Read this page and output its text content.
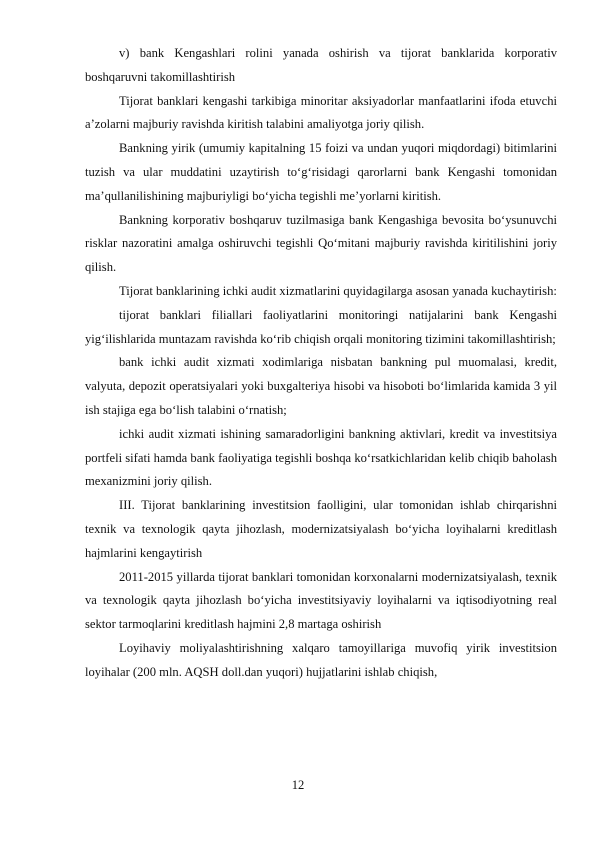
v) bank Kengashlari rolini yanada oshirish va tijorat banklarida korporativ boshqaruvni takomillashtirish

Tijorat banklari kengashi tarkibiga minoritar aksiyadorlar manfaatlarini ifoda etuvchi a’zolarni majburiy ravishda kiritish talabini amaliyotga joriy qilish.

Bankning yirik (umumiy kapitalning 15 foizi va undan yuqori miqdordagi) bitimlarini tuzish va ular muddatini uzaytirish to‘g‘risidagi qarorlarni bank Kengashi tomonidan ma’qullanilishining majburiyligi bo‘yicha tegishli me’yorlarni kiritish.

Bankning korporativ boshqaruv tuzilmasiga bank Kengashiga bevosita bo‘ysunuvchi risklar nazoratini amalga oshiruvchi tegishli Qo‘mitani majburiy ravishda kiritilishini joriy qilish.

Tijorat banklarining ichki audit xizmatlarini quyidagilarga asosan yanada kuchaytirish:

tijorat banklari filiallari faoliyatlarini monitoringi natijalarini bank Kengashi yig‘ilishlarida muntazam ravishda ko‘rib chiqish orqali monitoring tizimini takomillashtirish;

bank ichki audit xizmati xodimlariga nisbatan bankning pul muomalasi, kredit, valyuta, depozit operatsiyalari yoki buxgalteriya hisobi va hisoboti bo‘limlarida kamida 3 yil ish stajiga ega bo‘lish talabini o‘rnatish;

ichki audit xizmati ishining samaradorligini bankning aktivlari, kredit va investitsiya portfeli sifati hamda bank faoliyatiga tegishli boshqa ko‘rsatkichlaridan kelib chiqib baholash mexanizmini joriy qilish.

III. Tijorat banklarining investitsion faolligini, ular tomonidan ishlab chirqarishni texnik va texnologik qayta jihozlash, modernizatsiyalash bo‘yicha loyihalarni kreditlash hajmlarini kengaytirish

2011-2015 yillarda tijorat banklari tomonidan korxonalarni modernizatsiyalash, texnik va texnologik qayta jihozlash bo‘yicha investitsiyaviy loyihalarni va iqtisodiyotning real sektor tarmoqlarini kreditlash hajmini 2,8 martaga oshirish

Loyihaviy moliyalashtirishning xalqaro tamoyillariga muvofiq yirik investitsion loyihalar (200 mln. AQSH doll.dan yuqori) hujjatlarini ishlab chiqish,

12
